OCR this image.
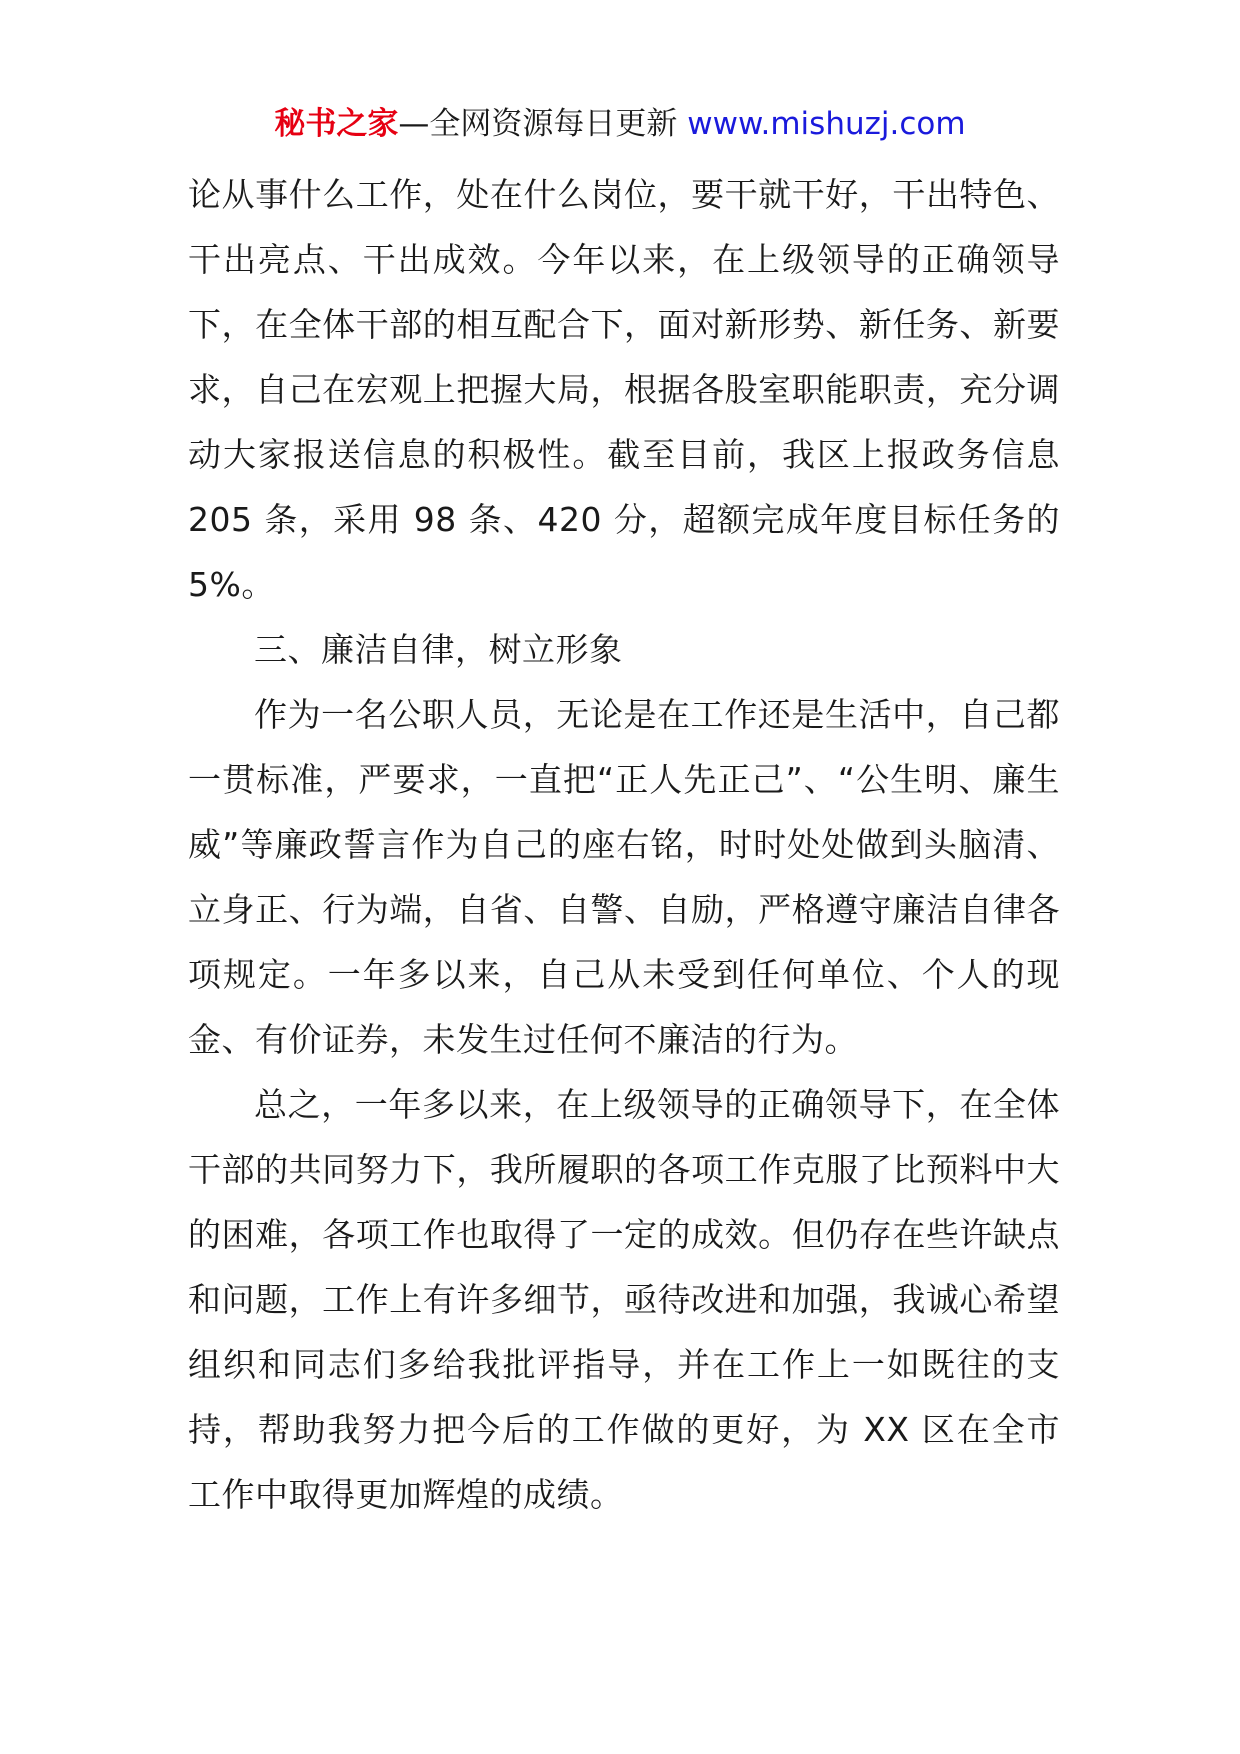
秘书之家—全网资源每日更新 www.mishuzj.com

论从事什么工作，处在什么岗位，要干就干好，干出特色、干出亮点、干出成效。今年以来，在上级领导的正确领导下，在全体干部的相互配合下，面对新形势、新任务、新要求，自己在宏观上把握大局，根据各股室职能职责，充分调动大家报送信息的积极性。截至目前，我区上报政务信息 205 条，采用 98 条、420 分，超额完成年度目标任务的 5%。

三、廉洁自律，树立形象

作为一名公职人员，无论是在工作还是生活中，自己都一贯标准，严要求，一直把“正人先正己”、“公生明、廉生威”等廉政誓言作为自己的座右铭，时时处处做到头脑清、立身正、行为端，自省、自警、自励，严格遵守廉洁自律各项规定。一年多以来，自己从未受到任何单位、个人的现金、有价证券，未发生过任何不廉洁的行为。

总之，一年多以来，在上级领导的正确领导下，在全体干部的共同努力下，我所履职的各项工作克服了比预料中大的困难，各项工作也取得了一定的成效。但仍存在些许缺点和问题，工作上有许多细节，亟待改进和加强，我诚心希望组织和同志们多给我批评指导，并在工作上一如既往的支持，帮助我努力把今后的工作做的更好，为 XX 区在全市工作中取得更加辉煌的成绩。
